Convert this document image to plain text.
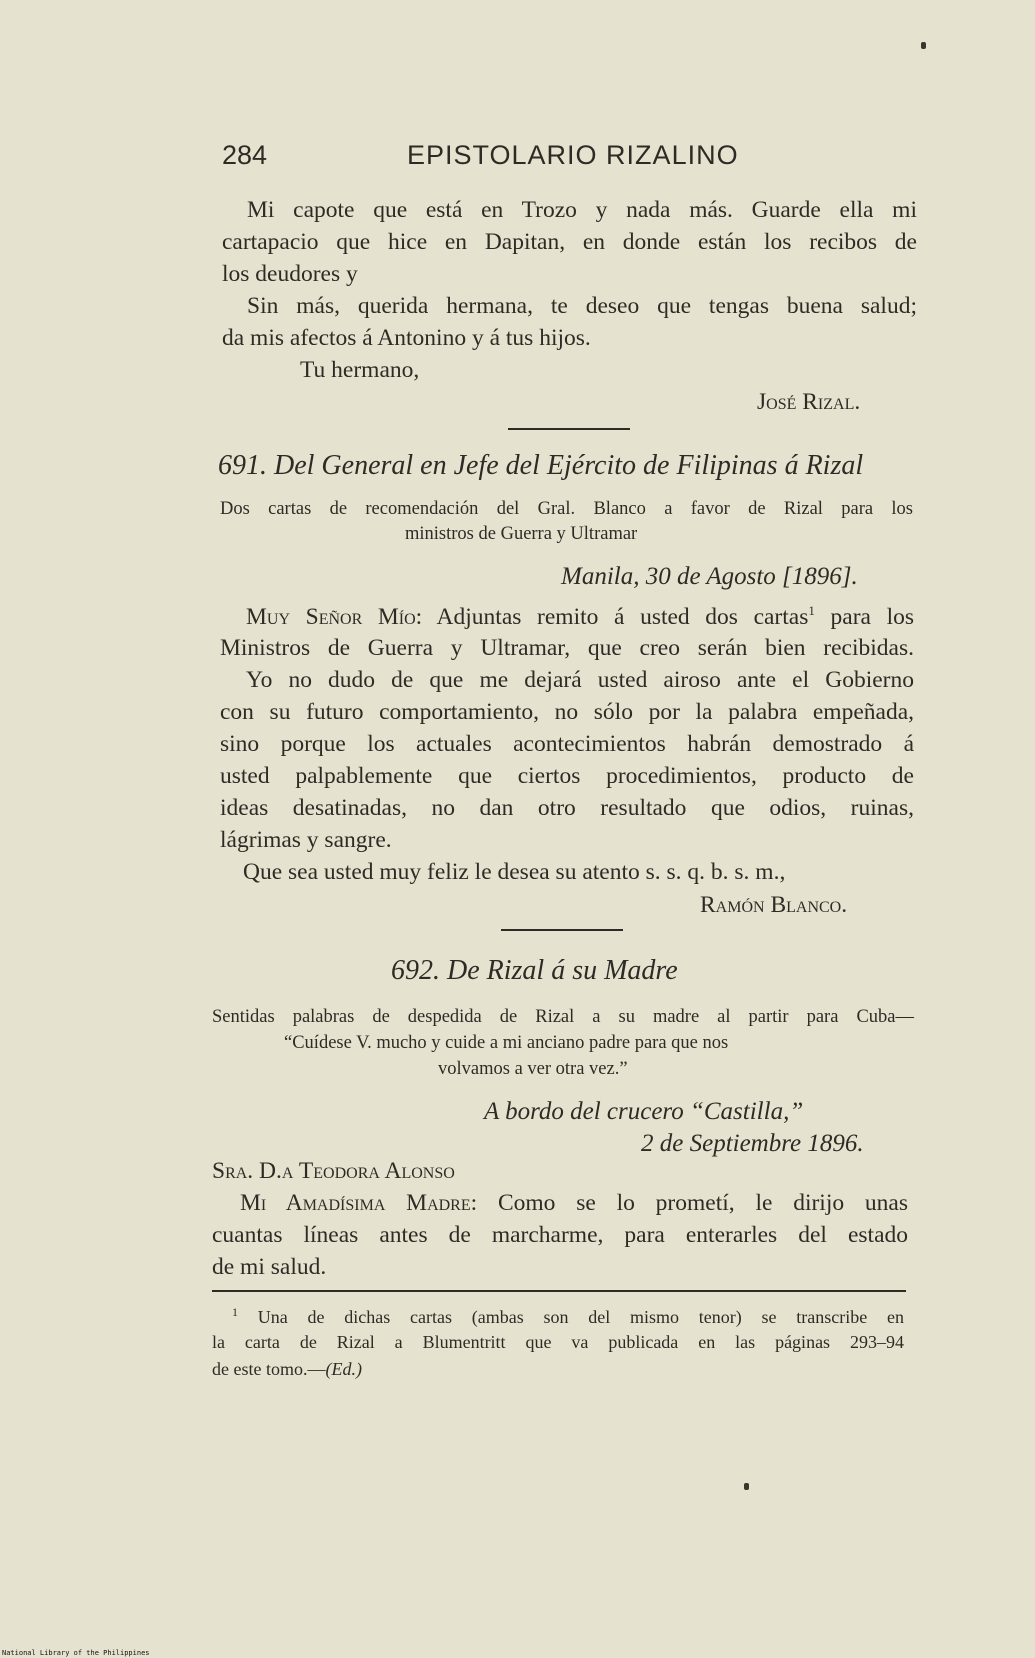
284	EPISTOLARIO RIZALINO
Mi capote que está en Trozo y nada más. Guarde ella mi
cartapacio que hice en Dapitan, en donde están los recibos de
los deudores y
Sin más, querida hermana, te deseo que tengas buena salud;
da mis afectos á Antonino y á tus hijos.
Tu hermano,
José Rizal.
691. Del General en Jefe del Ejército de Filipinas á Rizal
Dos cartas de recomendación del Gral. Blanco a favor de Rizal para los
ministros de Guerra y Ultramar
Manila, 30 de Agosto [1896].
Muy Señor Mío: Adjuntas remito á usted dos cartas$^1$ para los
Ministros de Guerra y Ultramar, que creo serán bien recibidas.
Yo no dudo de que me dejará usted airoso ante el Gobierno
con su futuro comportamiento, no sólo por la palabra empeñada,
sino porque los actuales acontecimientos habrán demostrado á
usted palpablemente que ciertos procedimientos, producto de
ideas desatinadas, no dan otro resultado que odios, ruinas,
lágrimas y sangre.
Que sea usted muy feliz le desea su atento s. s. q. b. s. m.,
Ramón Blanco.
692. De Rizal á su Madre
Sentidas palabras de despedida de Rizal a su madre al partir para Cuba—
“Cuídese V. mucho y cuide a mi anciano padre para que nos
volvamos a ver otra vez.”
A bordo del crucero “Castilla,”
2 de Septiembre 1896.
Sra. D.a Teodora Alonso
Mi Amadísima Madre: Como se lo prometí, le dirijo unas
cuantas líneas antes de marcharme, para enterarles del estado
de mi salud.
$^1$ Una de dichas cartas (ambas son del mismo tenor) se transcribe en
la carta de Rizal a Blumentritt que va publicada en las páginas 293–94
de este tomo.—(Ed.)
National Library of the Philippines
